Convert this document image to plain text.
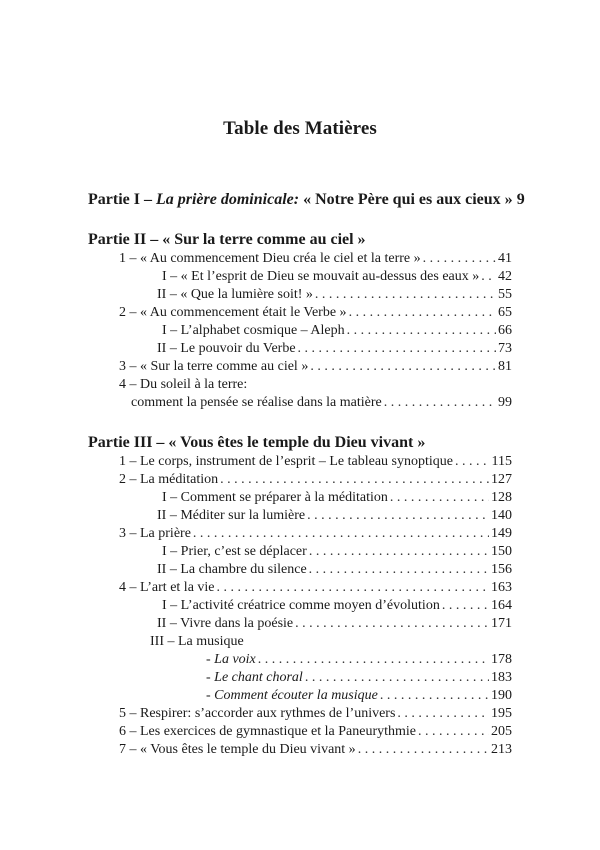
Table des Matières
Partie I – La prière dominicale: « Notre Père qui es aux cieux » 9
Partie II – « Sur la terre comme au ciel »
1 – « Au commencement Dieu créa le ciel et la terre » . . .	41
I – « Et l’esprit de Dieu se mouvait au-dessus des eaux » . . . 42
II – « Que la lumière soit! » . . .	55
2 – « Au commencement était le Verbe » . . .	65
I – L’alphabet cosmique – Aleph . . .	66
II – Le pouvoir du Verbe . . .	73
3 – « Sur la terre comme au ciel » . . .	81
4 – Du soleil à la terre:
comment la pensée se réalise dans la matière . . .	99
Partie III – « Vous êtes le temple du Dieu vivant »
1 – Le corps, instrument de l’esprit – Le tableau synoptique . . .	115
2 – La méditation . . .	127
I – Comment se préparer à la méditation . . .	128
II – Méditer sur la lumière . . .	140
3 – La prière . . .	149
I – Prier, c’est se déplacer . . .	150
II – La chambre du silence . . .	156
4 – L’art et la vie . . .	163
I – L’activité créatrice comme moyen d’évolution . . .	164
II – Vivre dans la poésie . . .	171
III – La musique
- La voix . . .	178
- Le chant choral . . .	183
- Comment écouter la musique . . .	190
5 – Respirer: s’accorder aux rythmes de l’univers . . .	195
6 – Les exercices de gymnastique et la Paneurythmie . . .	205
7 – « Vous êtes le temple du Dieu vivant » . . .	213
